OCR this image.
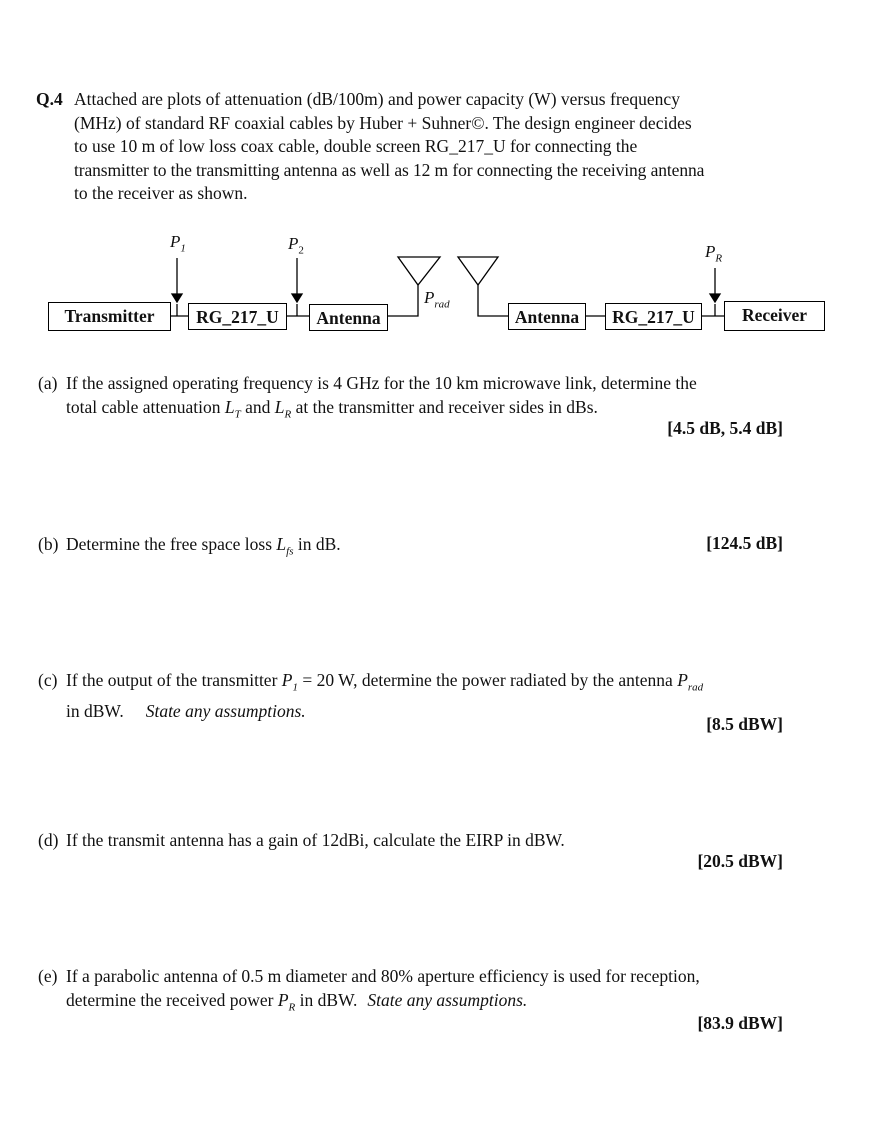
Q.4 Attached are plots of attenuation (dB/100m) and power capacity (W) versus frequency
(MHz) of standard RF coaxial cables by Huber + Suhner©. The design engineer decides
to use 10 m of low loss coax cable, double screen RG_217_U for connecting the
transmitter to the transmitting antenna as well as 12 m for connecting the receiving antenna
to the receiver as shown.
$P_1$	$P_2$	$P_R$
$P_{rad}$
Transmitter	RG_217_U	Antenna	Antenna	RG_217_U	Receiver
(a) If the assigned operating frequency is 4 GHz for the 10 km microwave link, determine the
total cable attenuation $L_T$ and $L_R$ at the transmitter and receiver sides in dBs.
[4.5 dB, 5.4 dB]
(b) Determine the free space loss $L_{fs}$ in dB.	[124.5 dB]
(c) If the output of the transmitter $P_1 = 20$ W, determine the power radiated by the antenna $P_{rad}$
in dBW. State any assumptions.
[8.5 dBW]
(d) If the transmit antenna has a gain of 12dBi, calculate the EIRP in dBW.
[20.5 dBW]
(e) If a parabolic antenna of 0.5 m diameter and 80% aperture efficiency is used for reception,
determine the received power $P_R$ in dBW. State any assumptions.
[83.9 dBW]
